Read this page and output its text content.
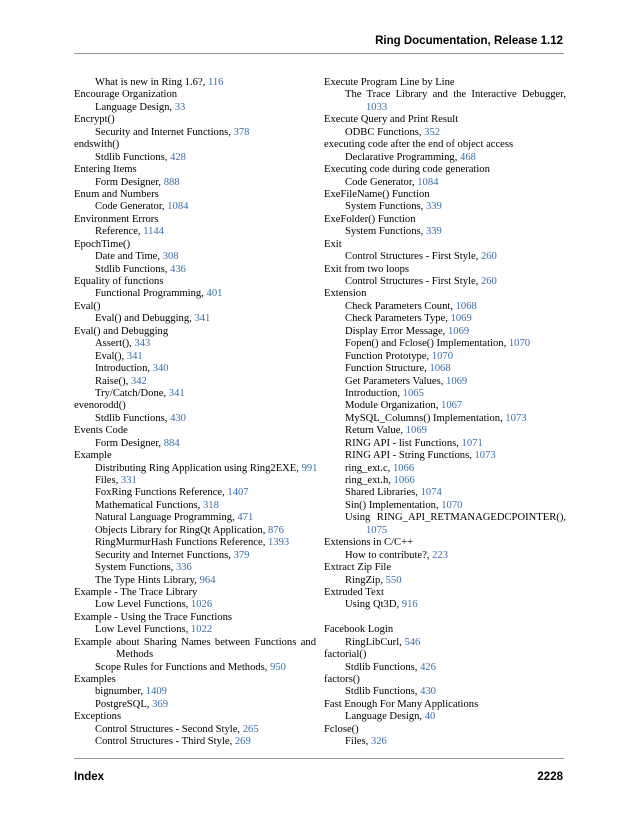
Ring Documentation, Release 1.12
What is new in Ring 1.6?, 116
Encourage Organization
Language Design, 33
Encrypt()
Security and Internet Functions, 378
endswith()
Stdlib Functions, 428
Entering Items
Form Designer, 888
Enum and Numbers
Code Generator, 1084
Environment Errors
Reference, 1144
EpochTime()
Date and Time, 308
Stdlib Functions, 436
Equality of functions
Functional Programming, 401
Eval()
Eval() and Debugging, 341
Eval() and Debugging
Assert(), 343
Eval(), 341
Introduction, 340
Raise(), 342
Try/Catch/Done, 341
evenorodd()
Stdlib Functions, 430
Events Code
Form Designer, 884
Example
Distributing Ring Application using Ring2EXE, 991
Files, 331
FoxRing Functions Reference, 1407
Mathematical Functions, 318
Natural Language Programming, 471
Objects Library for RingQt Application, 876
RingMurmurHash Functions Reference, 1393
Security and Internet Functions, 379
System Functions, 336
The Type Hints Library, 964
Example - The Trace Library
Low Level Functions, 1026
Example - Using the Trace Functions
Low Level Functions, 1022
Example about Sharing Names between Functions and
Methods
Scope Rules for Functions and Methods, 950
Examples
bignumber, 1409
PostgreSQL, 369
Exceptions
Control Structures - Second Style, 265
Control Structures - Third Style, 269
Execute Program Line by Line
The Trace Library and the Interactive Debugger,
1033
Execute Query and Print Result
ODBC Functions, 352
executing code after the end of object access
Declarative Programming, 468
Executing code during code generation
Code Generator, 1084
ExeFileName() Function
System Functions, 339
ExeFolder() Function
System Functions, 339
Exit
Control Structures - First Style, 260
Exit from two loops
Control Structures - First Style, 260
Extension
Check Parameters Count, 1068
Check Parameters Type, 1069
Display Error Message, 1069
Fopen() and Fclose() Implementation, 1070
Function Prototype, 1070
Function Structure, 1068
Get Parameters Values, 1069
Introduction, 1065
Module Organization, 1067
MySQL_Columns() Implementation, 1073
Return Value, 1069
RING API - list Functions, 1071
RING API - String Functions, 1073
ring_ext.c, 1066
ring_ext.h, 1066
Shared Libraries, 1074
Sin() Implementation, 1070
Using RING_API_RETMANAGEDCPOINTER(),
1075
Extensions in C/C++
How to contribute?, 223
Extract Zip File
RingZip, 550
Extruded Text
Using Qt3D, 916
Facebook Login
RingLibCurl, 546
factorial()
Stdlib Functions, 426
factors()
Stdlib Functions, 430
Fast Enough For Many Applications
Language Design, 40
Fclose()
Files, 326
Index	2228
